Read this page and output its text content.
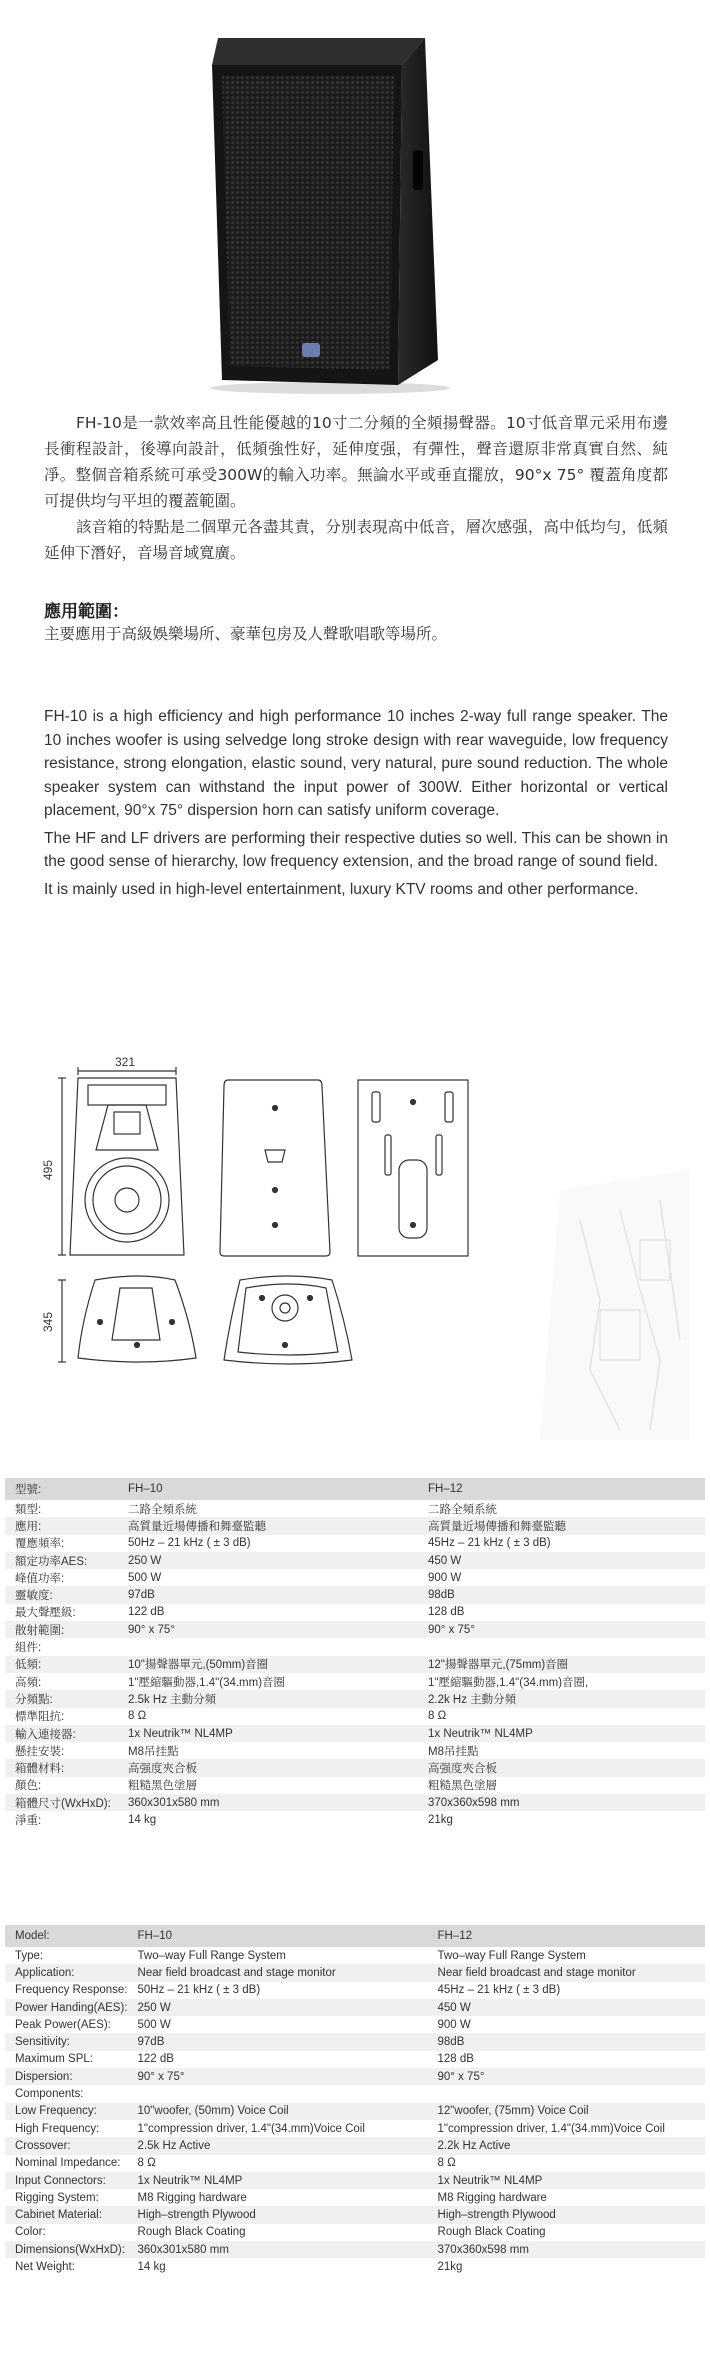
FH-10是一款效率高且性能優越的10寸二分頻的全頻揚聲器。10寸低音單元采用布邊長衝程設計，後導向設計，低頻強性好，延伸度强，有彈性，聲音還原非常真實自然、純凈。整個音箱系統可承受300W的輸入功率。無論水平或垂直擺放，90°x 75° 覆蓋角度都可提供均勻平坦的覆蓋範圍。

該音箱的特點是二個單元各盡其責，分別表現高中低音，層次感强，高中低均勻，低頻延伸下潛好，音場音域寬廣。

應用範圍：
主要應用于高級娛樂場所、豪華包房及人聲歌唱歌等場所。

FH-10 is a high efficiency and high performance 10 inches 2-way full range speaker. The 10 inches woofer is using selvedge long stroke design with rear waveguide, low frequency resistance, strong elongation, elastic sound, very natural, pure sound reduction. The whole speaker system can withstand the input power of 300W. Either horizontal or vertical placement, 90°x 75° dispersion horn can satisfy uniform coverage.

The HF and LF drivers are performing their respective duties so well. This can be shown in the good sense of hierarchy, low frequency extension, and the broad range of sound field.

It is mainly used in high-level entertainment, luxury KTV rooms and other performance.

321
495
345
型號:	FH–10	FH–12
類型:	二路全頻系統	二路全頻系統
應用:	高質量近場傳播和舞臺監聽	高質量近場傳播和舞臺監聽
覆應頻率:	50Hz – 21 kHz ( ± 3 dB)	45Hz – 21 kHz ( ± 3 dB)
額定功率AES:	250 W	450 W
峰值功率:	500 W	900 W
靈敏度:	97dB	98dB
最大聲壓級:	122 dB	128 dB
散射範圍:	90° x 75°	90° x 75°
組件:		
低頻:	10"揚聲器單元,(50mm)音圈	12"揚聲器單元,(75mm)音圈
高頻:	1"壓縮驅動器,1.4"(34.mm)音圈	1"壓縮驅動器,1.4"(34.mm)音圈,
分頻點:	2.5k Hz 主動分頻	2.2k Hz 主動分頻
標準阻抗:	8 Ω	8 Ω
輸入連接器:	1x Neutrik™ NL4MP	1x Neutrik™ NL4MP
懸挂安裝:	M8吊挂點	M8吊挂點
箱體材料:	高强度夾合板	高强度夾合板
顏色:	粗糙黑色塗層	粗糙黑色塗層
箱體尺寸(WxHxD):	360x301x580 mm	370x360x598 mm
淨重:	14 kg	21kg
Model:	FH–10	FH–12
Type:	Two–way Full Range System	Two–way Full Range System
Application:	Near field broadcast and stage monitor	Near field broadcast and stage monitor
Frequency Response:	50Hz – 21 kHz ( ± 3 dB)	45Hz – 21 kHz ( ± 3 dB)
Power Handing(AES):	250 W	450 W
Peak Power(AES):	500 W	900 W
Sensitivity:	97dB	98dB
Maximum SPL:	122 dB	128 dB
Dispersion:	90° x 75°	90° x 75°
Components:		
Low Frequency:	10"woofer, (50mm) Voice Coil	12"woofer, (75mm) Voice Coil
High Frequency:	1"compression driver, 1.4"(34.mm)Voice Coil	1"compression driver, 1.4"(34.mm)Voice Coil
Crossover:	2.5k Hz Active	2.2k Hz Active
Nominal Impedance:	8 Ω	8 Ω
Input Connectors:	1x Neutrik™ NL4MP	1x Neutrik™ NL4MP
Rigging System:	M8 Rigging hardware	M8 Rigging hardware
Cabinet Material:	High–strength Plywood	High–strength Plywood
Color:	Rough Black Coating	Rough Black Coating
Dimensions(WxHxD):	360x301x580 mm	370x360x598 mm
Net Weight:	14 kg	21kg
